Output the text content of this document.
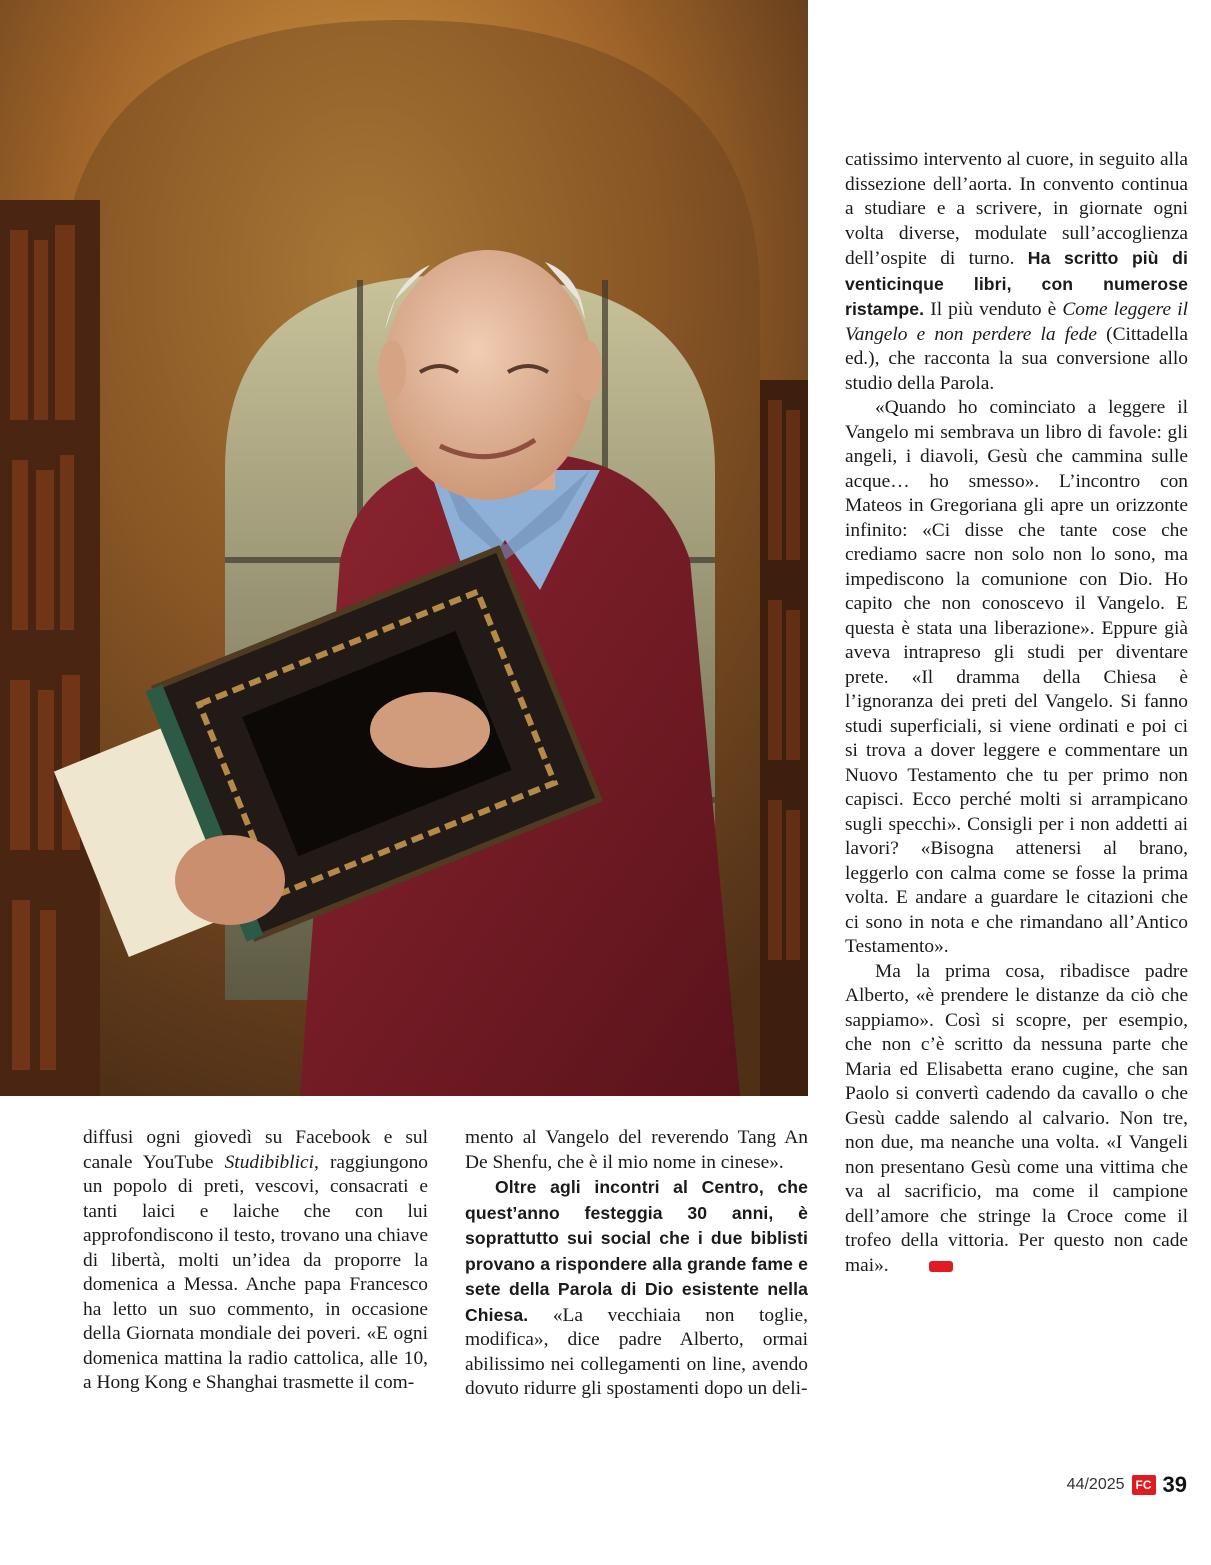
diffusi ogni giovedì su Facebook e sul canale YouTube Studibiblici, raggiungono un popolo di preti, vescovi, consacrati e tanti laici e laiche che con lui approfondiscono il testo, trovano una chiave di libertà, molti un’idea da proporre la domenica a Messa. Anche papa Francesco ha letto un suo commento, in occasione della Giornata mondiale dei poveri. «E ogni domenica mattina la radio cattolica, alle 10, a Hong Kong e Shanghai trasmette il com-

mento al Vangelo del reverendo Tang An De Shenfu, che è il mio nome in cinese».

Oltre agli incontri al Centro, che quest’anno festeggia 30 anni, è soprattutto sui social che i due biblisti provano a rispondere alla grande fame e sete della Parola di Dio esistente nella Chiesa. «La vecchiaia non toglie, modifica», dice padre Alberto, ormai abilissimo nei collegamenti on line, avendo dovuto ridurre gli spostamenti dopo un deli-

catissimo intervento al cuore, in seguito alla dissezione dell’aorta. In convento continua a studiare e a scrivere, in giornate ogni volta diverse, modulate sull’accoglienza dell’ospite di turno. Ha scritto più di venticinque libri, con numerose ristampe. Il più venduto è Come leggere il Vangelo e non perdere la fede (Cittadella ed.), che racconta la sua conversione allo studio della Parola.

«Quando ho cominciato a leggere il Vangelo mi sembrava un libro di favole: gli angeli, i diavoli, Gesù che cammina sulle acque… ho smesso». L’incontro con Mateos in Gregoriana gli apre un orizzonte infinito: «Ci disse che tante cose che crediamo sacre non solo non lo sono, ma impediscono la comunione con Dio. Ho capito che non conoscevo il Vangelo. E questa è stata una liberazione». Eppure già aveva intrapreso gli studi per diventare prete. «Il dramma della Chiesa è l’ignoranza dei preti del Vangelo. Si fanno studi superficiali, si viene ordinati e poi ci si trova a dover leggere e commentare un Nuovo Testamento che tu per primo non capisci. Ecco perché molti si arrampicano sugli specchi». Consigli per i non addetti ai lavori? «Bisogna attenersi al brano, leggerlo con calma come se fosse la prima volta. E andare a guardare le citazioni che ci sono in nota e che rimandano all’Antico Testamento».

Ma la prima cosa, ribadisce padre Alberto, «è prendere le distanze da ciò che sappiamo». Così si scopre, per esempio, che non c’è scritto da nessuna parte che Maria ed Elisabetta erano cugine, che san Paolo si convertì cadendo da cavallo o che Gesù cadde salendo al calvario. Non tre, non due, ma neanche una volta. «I Vangeli non presentano Gesù come una vittima che va al sacrificio, ma come il campione dell’amore che stringe la Croce come il trofeo della vittoria. Per questo non cade mai».

44/2025 FC 39
